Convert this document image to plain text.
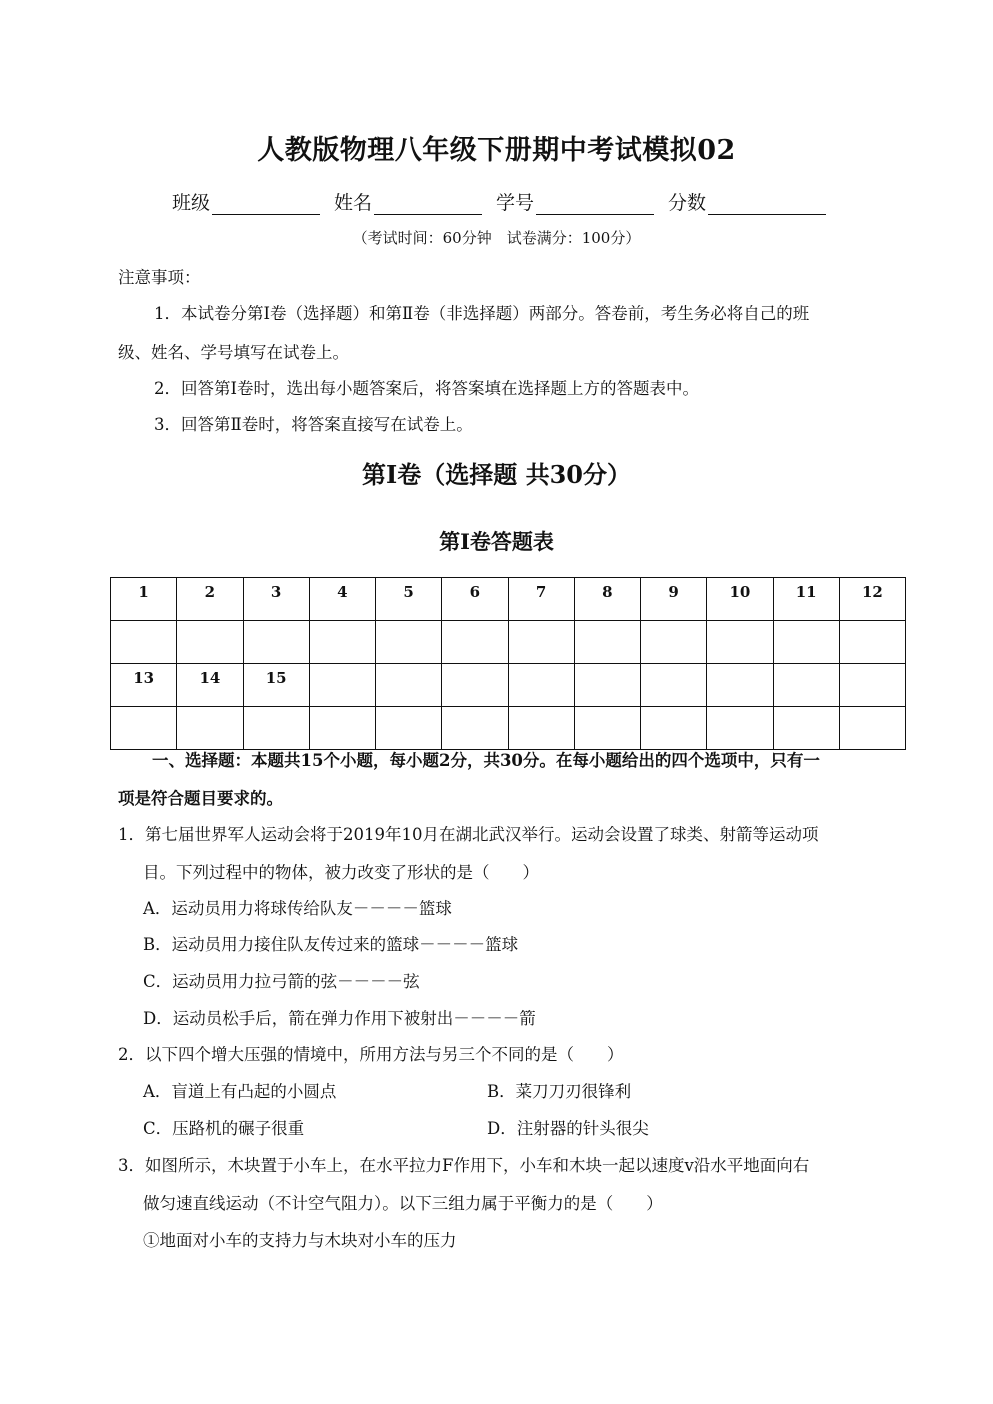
人教版物理八年级下册期中考试模拟02
班级	姓名	学号	分数
（考试时间：60分钟　试卷满分：100分）
注意事项：
1．本试卷分第Ⅰ卷（选择题）和第Ⅱ卷（非选择题）两部分。答卷前，考生务必将自己的班
级、姓名、学号填写在试卷上。
2．回答第Ⅰ卷时，选出每小题答案后，将答案填在选择题上方的答题表中。
3．回答第Ⅱ卷时，将答案直接写在试卷上。
第Ⅰ卷（选择题 共30分）
第Ⅰ卷答题表
1	2	3	4	5	6	7	8	9	10	11	12

13	14	15									

一、选择题：本题共15个小题，每小题2分，共30分。在每小题给出的四个选项中，只有一
项是符合题目要求的。
1．第七届世界军人运动会将于2019年10月在湖北武汉举行。运动会设置了球类、射箭等运动项
目。下列过程中的物体，被力改变了形状的是（　　）
A．运动员用力将球传给队友－－－－篮球
B．运动员用力接住队友传过来的篮球－－－－篮球
C．运动员用力拉弓箭的弦－－－－弦
D．运动员松手后，箭在弹力作用下被射出－－－－箭
2．以下四个增大压强的情境中，所用方法与另三个不同的是（　　）
A．盲道上有凸起的小圆点	B．菜刀刀刃很锋利
C．压路机的碾子很重	D．注射器的针头很尖
3．如图所示，木块置于小车上，在水平拉力F作用下，小车和木块一起以速度v沿水平地面向右
做匀速直线运动（不计空气阻力）。以下三组力属于平衡力的是（　　）
①地面对小车的支持力与木块对小车的压力
